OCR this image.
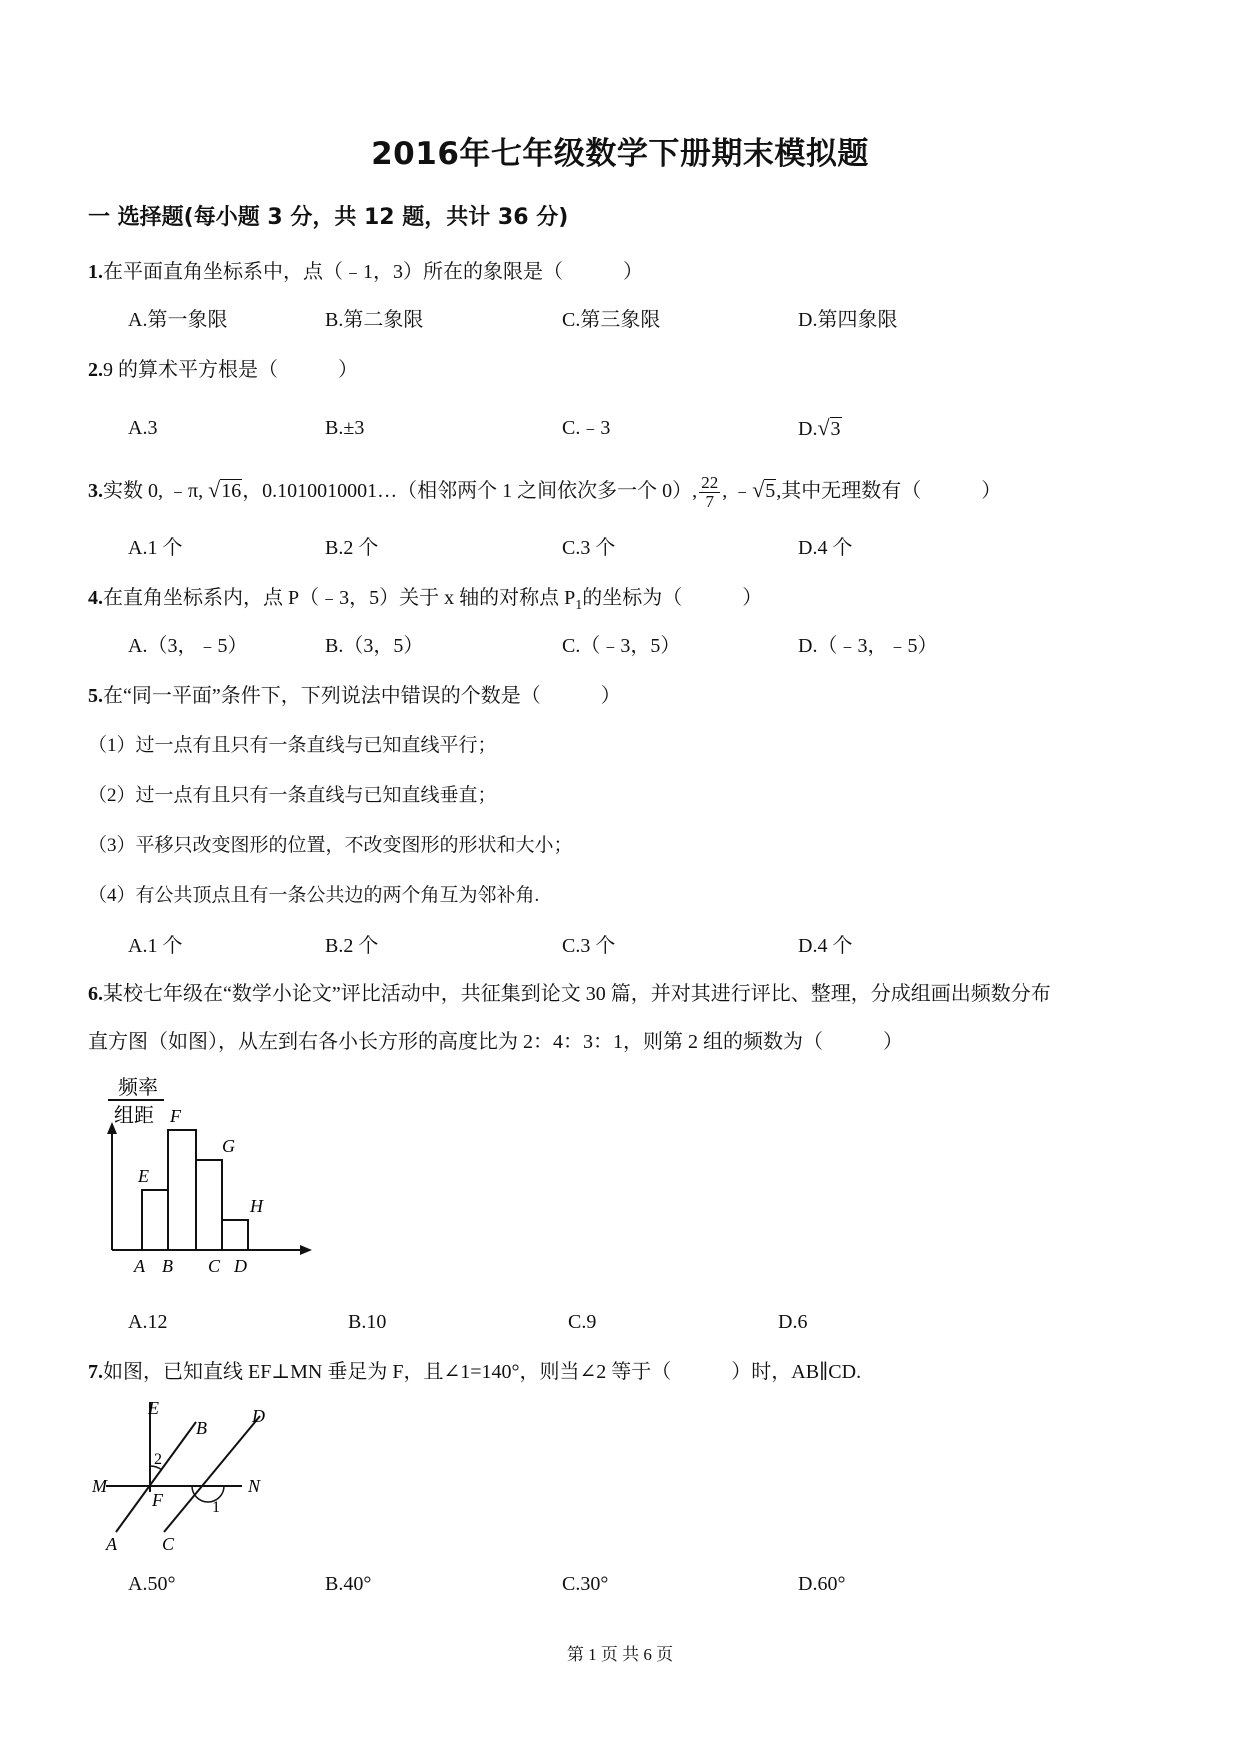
2016年七年级数学下册期末模拟题
一 选择题(每小题 3 分，共 12 题，共计 36 分)
1.在平面直角坐标系中，点（﹣1，3）所在的象限是（　　　）
A.第一象限	B.第二象限	C.第三象限	D.第四象限
2.9 的算术平方根是（　　　）
A.3	B.±3	C.﹣3	D.√3
3.实数 0, ﹣π, √16，0.1010010001…（相邻两个 1 之间依次多一个 0）, $\frac{22}{7}$ , ﹣√5,其中无理数有（　　　）
A.1 个	B.2 个	C.3 个	D.4 个
4.在直角坐标系内，点 P（﹣3，5）关于 x 轴的对称点 $P_1$的坐标为（　　　）
A.（3，﹣5）	B.（3，5）	C.（﹣3，5）	D.（﹣3，﹣5）
5.在“同一平面”条件下，下列说法中错误的个数是（　　　）
（1）过一点有且只有一条直线与已知直线平行；
（2）过一点有且只有一条直线与已知直线垂直；
（3）平移只改变图形的位置，不改变图形的形状和大小；
（4）有公共顶点且有一条公共边的两个角互为邻补角.
A.1 个	B.2 个	C.3 个	D.4 个
6.某校七年级在“数学小论文”评比活动中，共征集到论文 30 篇，并对其进行评比、整理，分成组画出频数分布
直方图（如图），从左到右各小长方形的高度比为 2：4：3：1，则第 2 组的频数为（　　　）
频率
组距
E
F
G
H
A B C D
A.12	B.10	C.9	D.6
7.如图，已知直线 EF⊥MN 垂足为 F，且∠1=140°，则当∠2 等于（　　　）时，AB∥CD.
E
B
D
2
M
F
N
1
A	C
A.50°	B.40°	C.30°	D.60°
第 1 页 共 6 页
